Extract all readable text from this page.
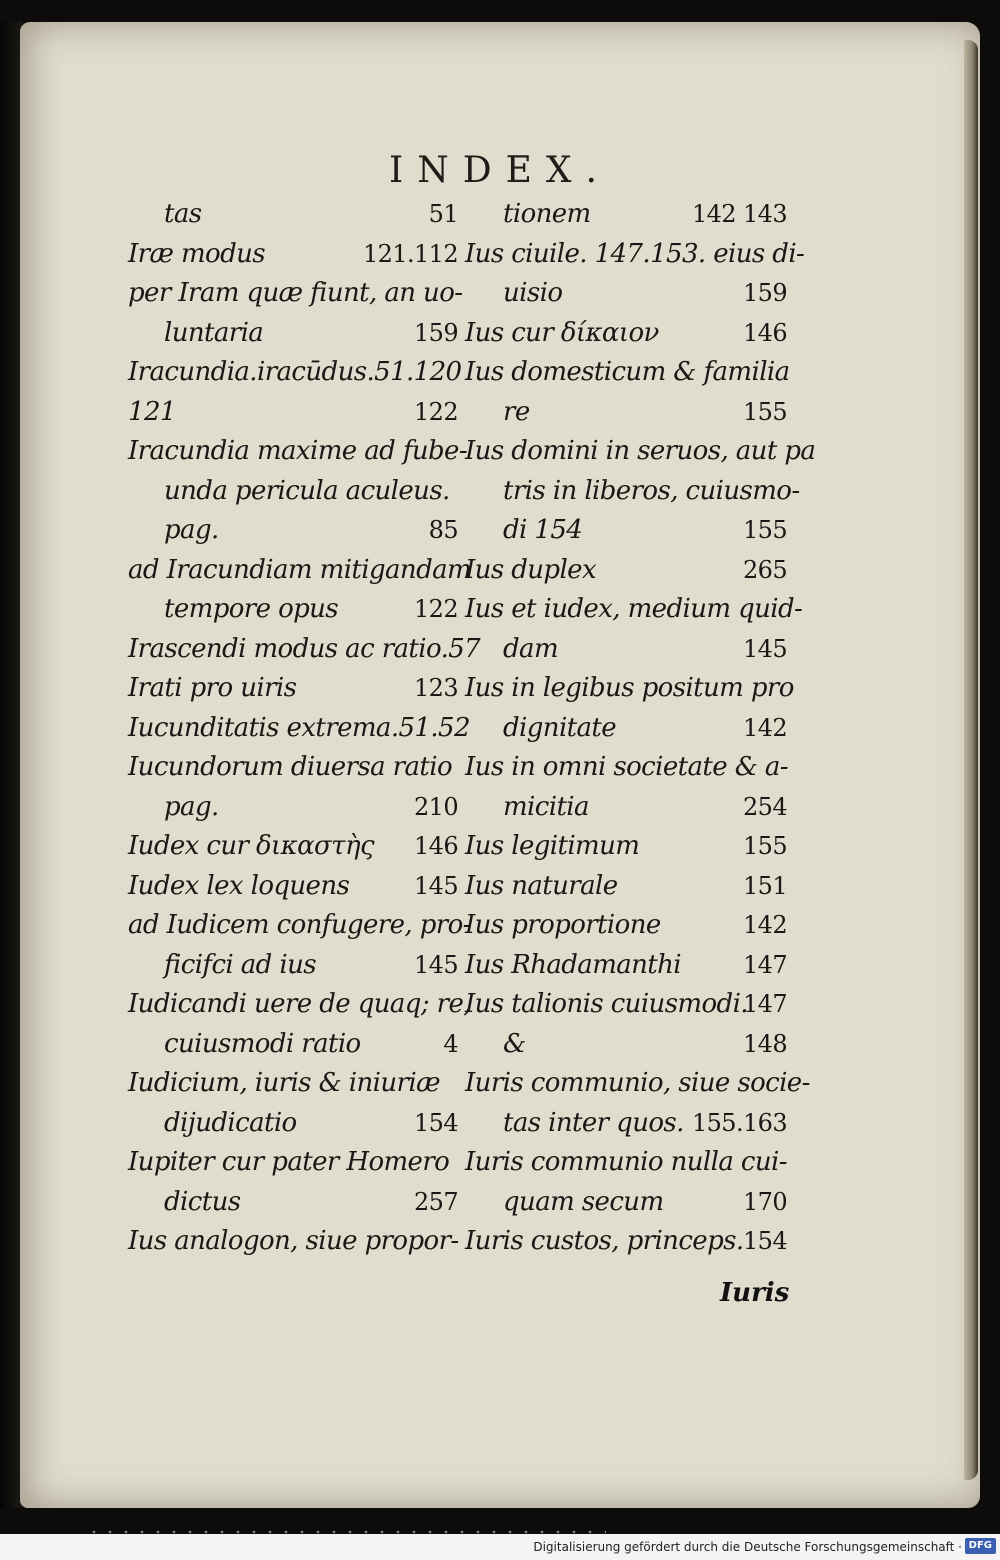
INDEX.
tas	51
Iræ modus	121.112
per Iram quæ fiunt, an uo-
luntaria	159
Iracundia.iracūdus.51.120
121	122
Iracundia maxime ad fube-
unda pericula aculeus.
pag.	85
ad Iracundiam mitigandam
tempore opus	122
Irascendi modus ac ratio.57
Irati pro uiris	123
Iucunditatis extrema.51.52
Iucundorum diuersa ratio
pag.	210
Iudex cur δικαστὴς 146
Iudex lex loquens	145
ad Iudicem confugere, pro-
ficifci ad ius	145
Iudicandi uere de quaq; re,
cuiusmodi ratio	4
Iudicium, iuris & iniuriæ
dijudicatio	154
Iupiter cur pater Homero
dictus	257
Ius analogon, siue propor-
tionem	142 143
Ius ciuile. 147.153. eius di-
uisio	159
Ius cur δίκαιον	146
Ius domesticum & familia
re	155
Ius domini in seruos, aut pa
tris in liberos, cuiusmo-
di 154	155
Ius duplex	265
Ius et iudex, medium quid-
dam	145
Ius in legibus positum pro
dignitate	142
Ius in omni societate & a-
micitia	254
Ius legitimum	155
Ius naturale	151
Ius proportione	142
Ius Rhadamanthi	147
Ius talionis cuiusmodi.
147
&	148
Iuris communio, siue socie-
tas inter quos. 155.163
Iuris communio nulla cui-
quam secum	170
Iuris custos, princeps. 154
Iuris
Digitalisierung gefördert durch die Deutsche Forschungsgemeinschaft · DFG
